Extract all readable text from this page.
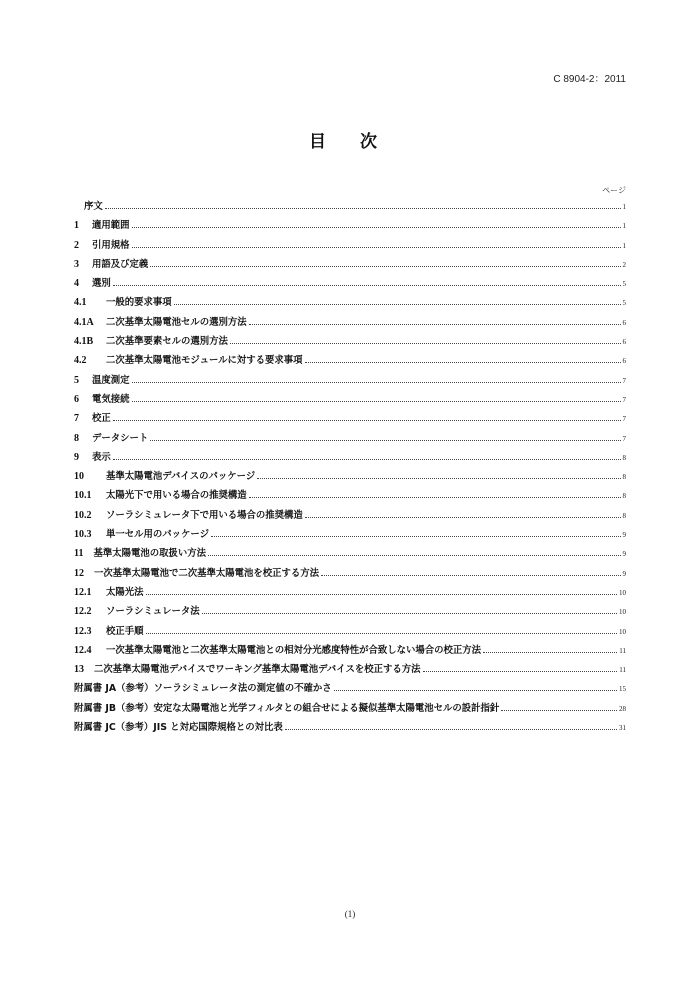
C 8904-2：2011
目 次
ページ
序文	1
1	適用範囲	1
2	引用規格	1
3	用語及び定義	2
4	選別	5
4.1	一般的要求事項	5
4.1A 二次基準太陽電池セルの選別方法	6
4.1B	二次基準要素セルの選別方法	6
4.2	二次基準太陽電池モジュールに対する要求事項	6
5	温度測定	7
6	電気接続	7
7	校正	7
8	データシート	7
9	表示	8
10	基準太陽電池デバイスのパッケージ	8
10.1	太陽光下で用いる場合の推奨構造	8
10.2	ソーラシミュレータ下で用いる場合の推奨構造	8
10.3	単一セル用のパッケージ	9
11 基準太陽電池の取扱い方法	9
12 一次基準太陽電池で二次基準太陽電池を校正する方法	9
12.1	太陽光法	10
12.2	ソーラシミュレータ法	10
12.3	校正手順	10
12.4	一次基準太陽電池と二次基準太陽電池との相対分光感度特性が合致しない場合の校正方法	11
13 二次基準太陽電池デバイスでワーキング基準太陽電池デバイスを校正する方法	11
附属書 JA（参考）ソーラシミュレータ法の測定値の不確かさ	15
附属書 JB（参考）安定な太陽電池と光学フィルタとの組合せによる擬似基準太陽電池セルの設計指針	28
附属書 JC（参考）JIS と対応国際規格との対比表	31
(1)
